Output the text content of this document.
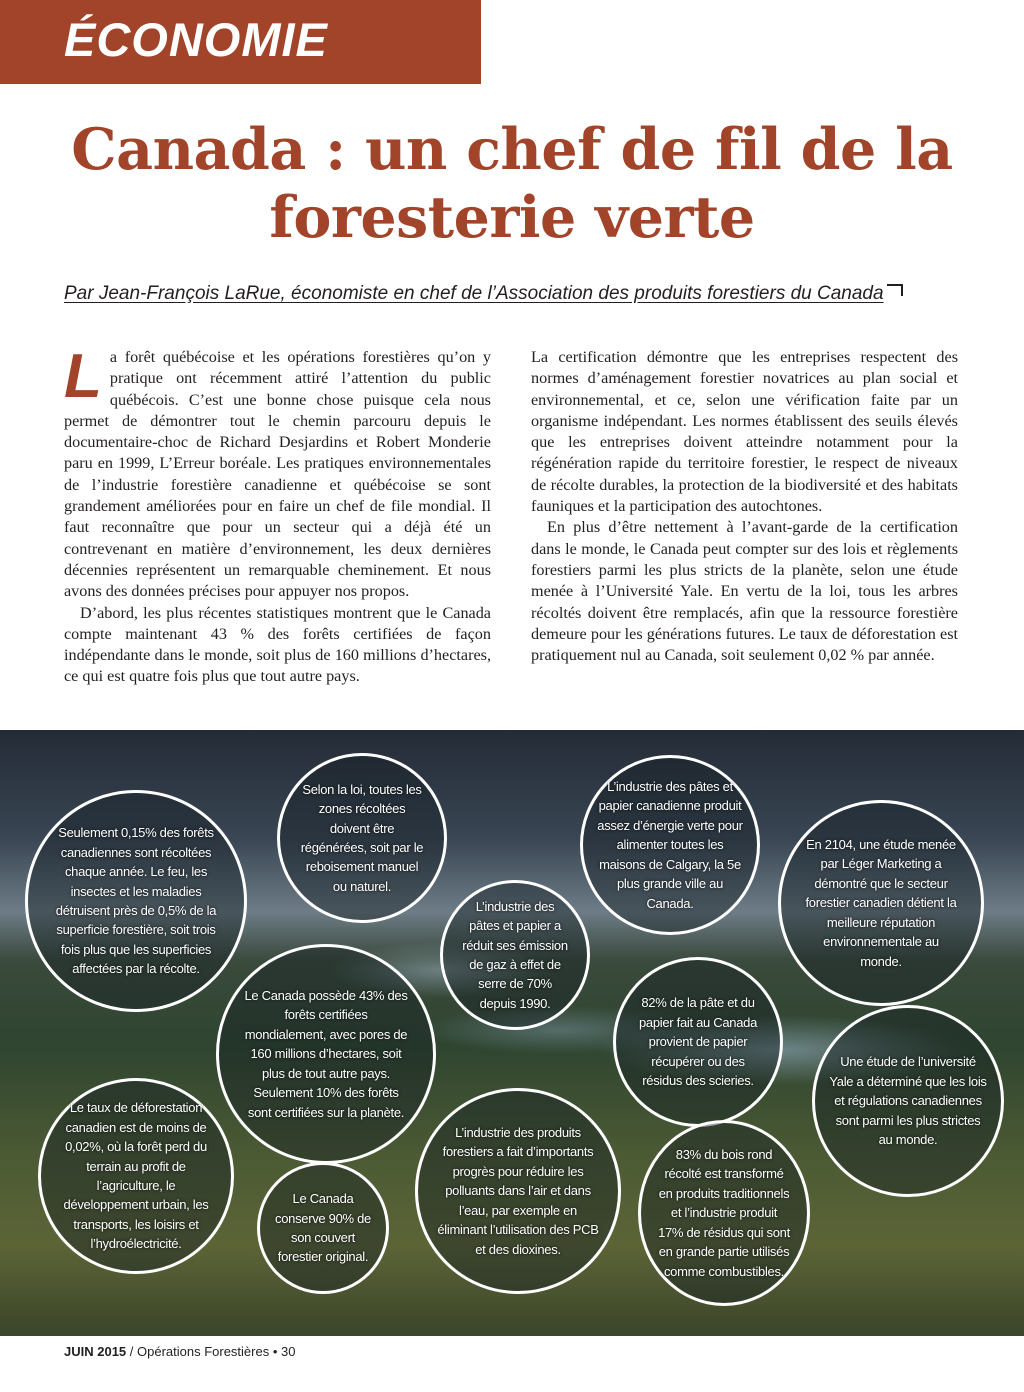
ÉCONOMIE
Canada : un chef de fil de la
foresterie verte
Par Jean-François LaRue, économiste en chef de l’Association des produits forestiers du Canada

La forêt québécoise et les opérations forestières qu’on y pratique ont récemment attiré l’attention du public québécois. C’est une bonne chose puisque cela nous permet de démontrer tout le chemin parcouru depuis le documentaire-choc de Richard Desjardins et Robert Monderie paru en 1999, L’Erreur boréale. Les pratiques environnementales de l’industrie forestière canadienne et québécoise se sont grandement améliorées pour en faire un chef de file mondial. Il faut reconnaître que pour un secteur qui a déjà été un contrevenant en matière d’environnement, les deux dernières décennies représentent un remarquable cheminement. Et nous avons des données précises pour appuyer nos propos.

D’abord, les plus récentes statistiques montrent que le Canada compte maintenant 43 % des forêts certifiées de façon indépendante dans le monde, soit plus de 160 millions d’hectares, ce qui est quatre fois plus que tout autre pays.

La certification démontre que les entreprises respectent des normes d’aménagement forestier novatrices au plan social et environnemental, et ce, selon une vérification faite par un organisme indépendant. Les normes établissent des seuils élevés que les entreprises doivent atteindre notamment pour la régénération rapide du territoire forestier, le respect de niveaux de récolte durables, la protection de la biodiversité et des habitats fauniques et la participation des autochtones.

En plus d’être nettement à l’avant-garde de la certification dans le monde, le Canada peut compter sur des lois et règlements forestiers parmi les plus stricts de la planète, selon une étude menée à l’Université Yale. En vertu de la loi, tous les arbres récoltés doivent être remplacés, afin que la ressource forestière demeure pour les générations futures. Le taux de déforestation est pratiquement nul au Canada, soit seulement 0,02 % par année.

Seulement 0,15% des forêts canadiennes sont récoltées chaque année. Le feu, les insectes et les maladies détruisent près de 0,5% de la superficie forestière, soit trois fois plus que les superficies affectées par la récolte.
Selon la loi, toutes les zones récoltées doivent être régénérées, soit par le reboisement manuel ou naturel.
L’industrie des pâtes et papier canadienne produit assez d’énergie verte pour alimenter toutes les maisons de Calgary, la 5e plus grande ville au Canada.
En 2104, une étude menée par Léger Marketing a démontré que le secteur forestier canadien détient la meilleure réputation environnementale au monde.
L’industrie des pâtes et papier a réduit ses émission de gaz à effet de serre de 70% depuis 1990.
Le Canada possède 43% des forêts certifiées mondialement, avec pores de 160 millions d’hectares, soit plus de tout autre pays. Seulement 10% des forêts sont certifiées sur la planète.
82% de la pâte et du papier fait au Canada provient de papier récupérer ou des résidus des scieries.
Une étude de l’université Yale a déterminé que les lois et régulations canadiennes sont parmi les plus strictes au monde.
Le taux de déforestation canadien est de moins de 0,02%, où la forêt perd du terrain au profit de l’agriculture, le développement urbain, les transports, les loisirs et l’hydroélectricité.
Le Canada conserve 90% de son couvert forestier original.
L’industrie des produits forestiers a fait d’importants progrès pour réduire les polluants dans l’air et dans l’eau, par exemple en éliminant l’utilisation des PCB et des dioxines.
83% du bois rond récolté est transformé en produits traditionnels et l’industrie produit 17% de résidus qui sont en grande partie utilisés comme combustibles.
JUIN 2015 / Opérations Forestières • 30
